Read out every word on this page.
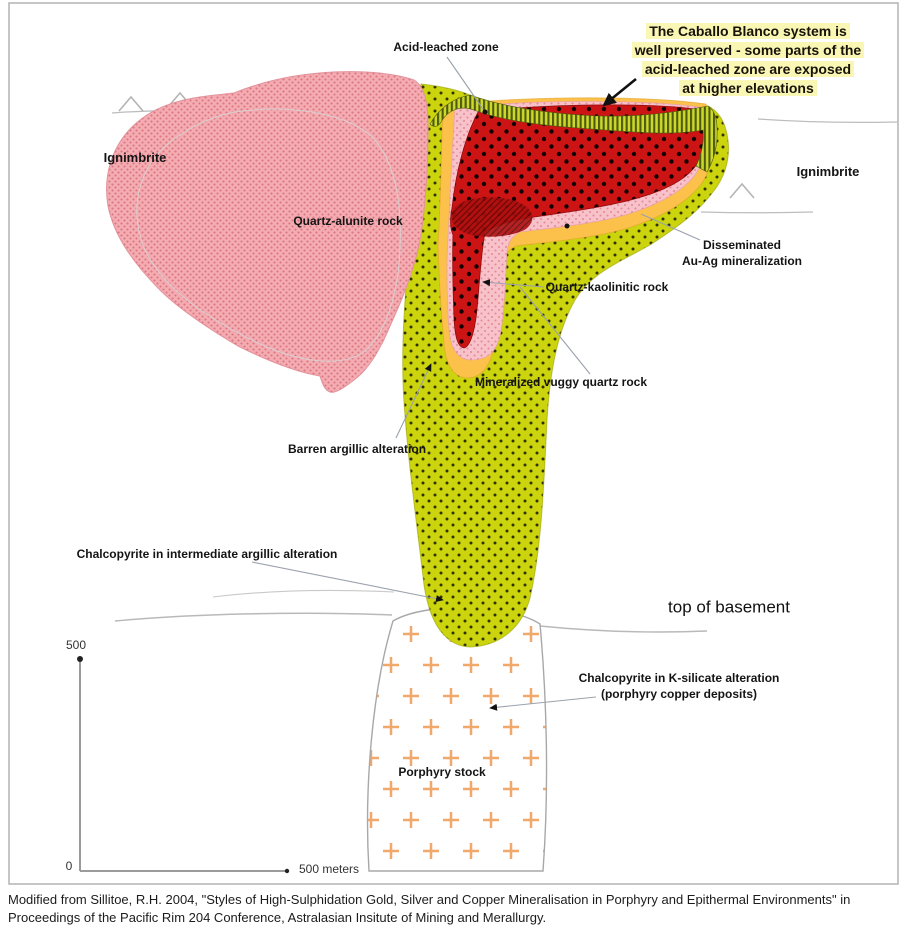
The Caballo Blanco system is
well preserved - some parts of the
acid-leached zone are exposed
at higher elevations
Acid-leached zone
Ignimbrite
Ignimbrite
Quartz-alunite rock
Disseminated
Au-Ag mineralization
Quartz-kaolinitic rock
Mineralized vuggy quartz rock
Barren argillic alteration
Chalcopyrite in intermediate argillic alteration
top of basement
Chalcopyrite in K-silicate alteration
(porphyry copper deposits)
Porphyry stock
500
0	500 meters
Modified from Sillitoe, R.H. 2004, "Styles of High-Sulphidation Gold, Silver and Copper Mineralisation in Porphyry and Epithermal Environments" in Proceedings of the Pacific Rim 204 Conference, Astralasian Insitute of Mining and Merallurgy.
